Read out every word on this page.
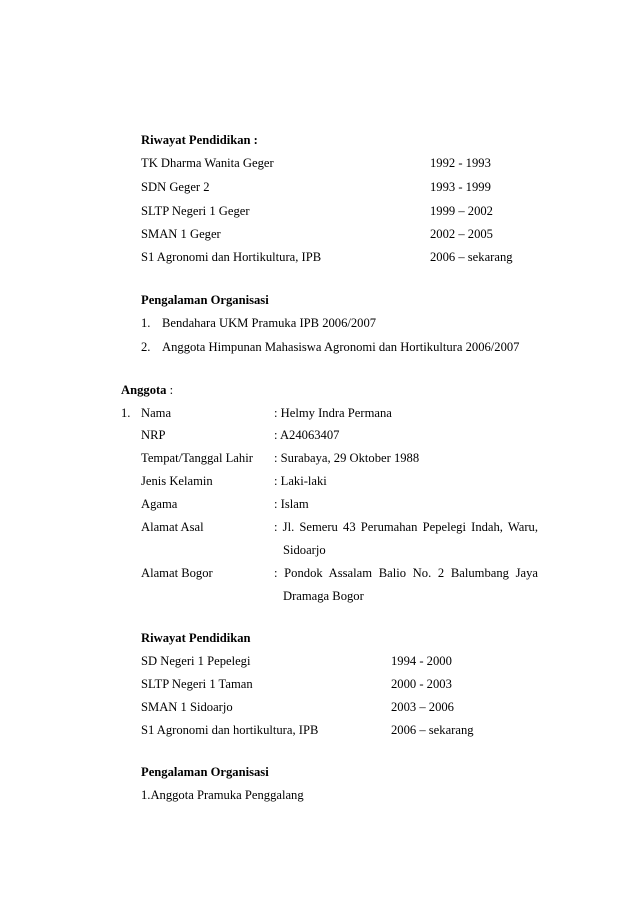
Riwayat Pendidikan :
TK Dharma Wanita Geger	1992 - 1993
SDN Geger 2	1993 - 1999
SLTP Negeri 1 Geger	1999 – 2002
SMAN 1 Geger	2002 – 2005
S1 Agronomi dan Hortikultura, IPB	2006 – sekarang
Pengalaman Organisasi
1. Bendahara UKM Pramuka IPB 2006/2007
2. Anggota Himpunan Mahasiswa Agronomi dan Hortikultura 2006/2007
Anggota :
1. Nama	: Helmy Indra Permana
NRP	: A24063407
Tempat/Tanggal Lahir : Surabaya, 29 Oktober 1988
Jenis Kelamin	: Laki-laki
Agama	: Islam
Alamat Asal	: Jl. Semeru 43 Perumahan Pepelegi Indah, Waru,
Sidoarjo
Alamat Bogor	: Pondok Assalam Balio No. 2 Balumbang Jaya
Dramaga Bogor
Riwayat Pendidikan
SD Negeri 1 Pepelegi	1994 - 2000
SLTP Negeri 1 Taman	2000 - 2003
SMAN 1 Sidoarjo	2003 – 2006
S1 Agronomi dan hortikultura, IPB	2006 – sekarang
Pengalaman Organisasi
1.Anggota Pramuka Penggalang
